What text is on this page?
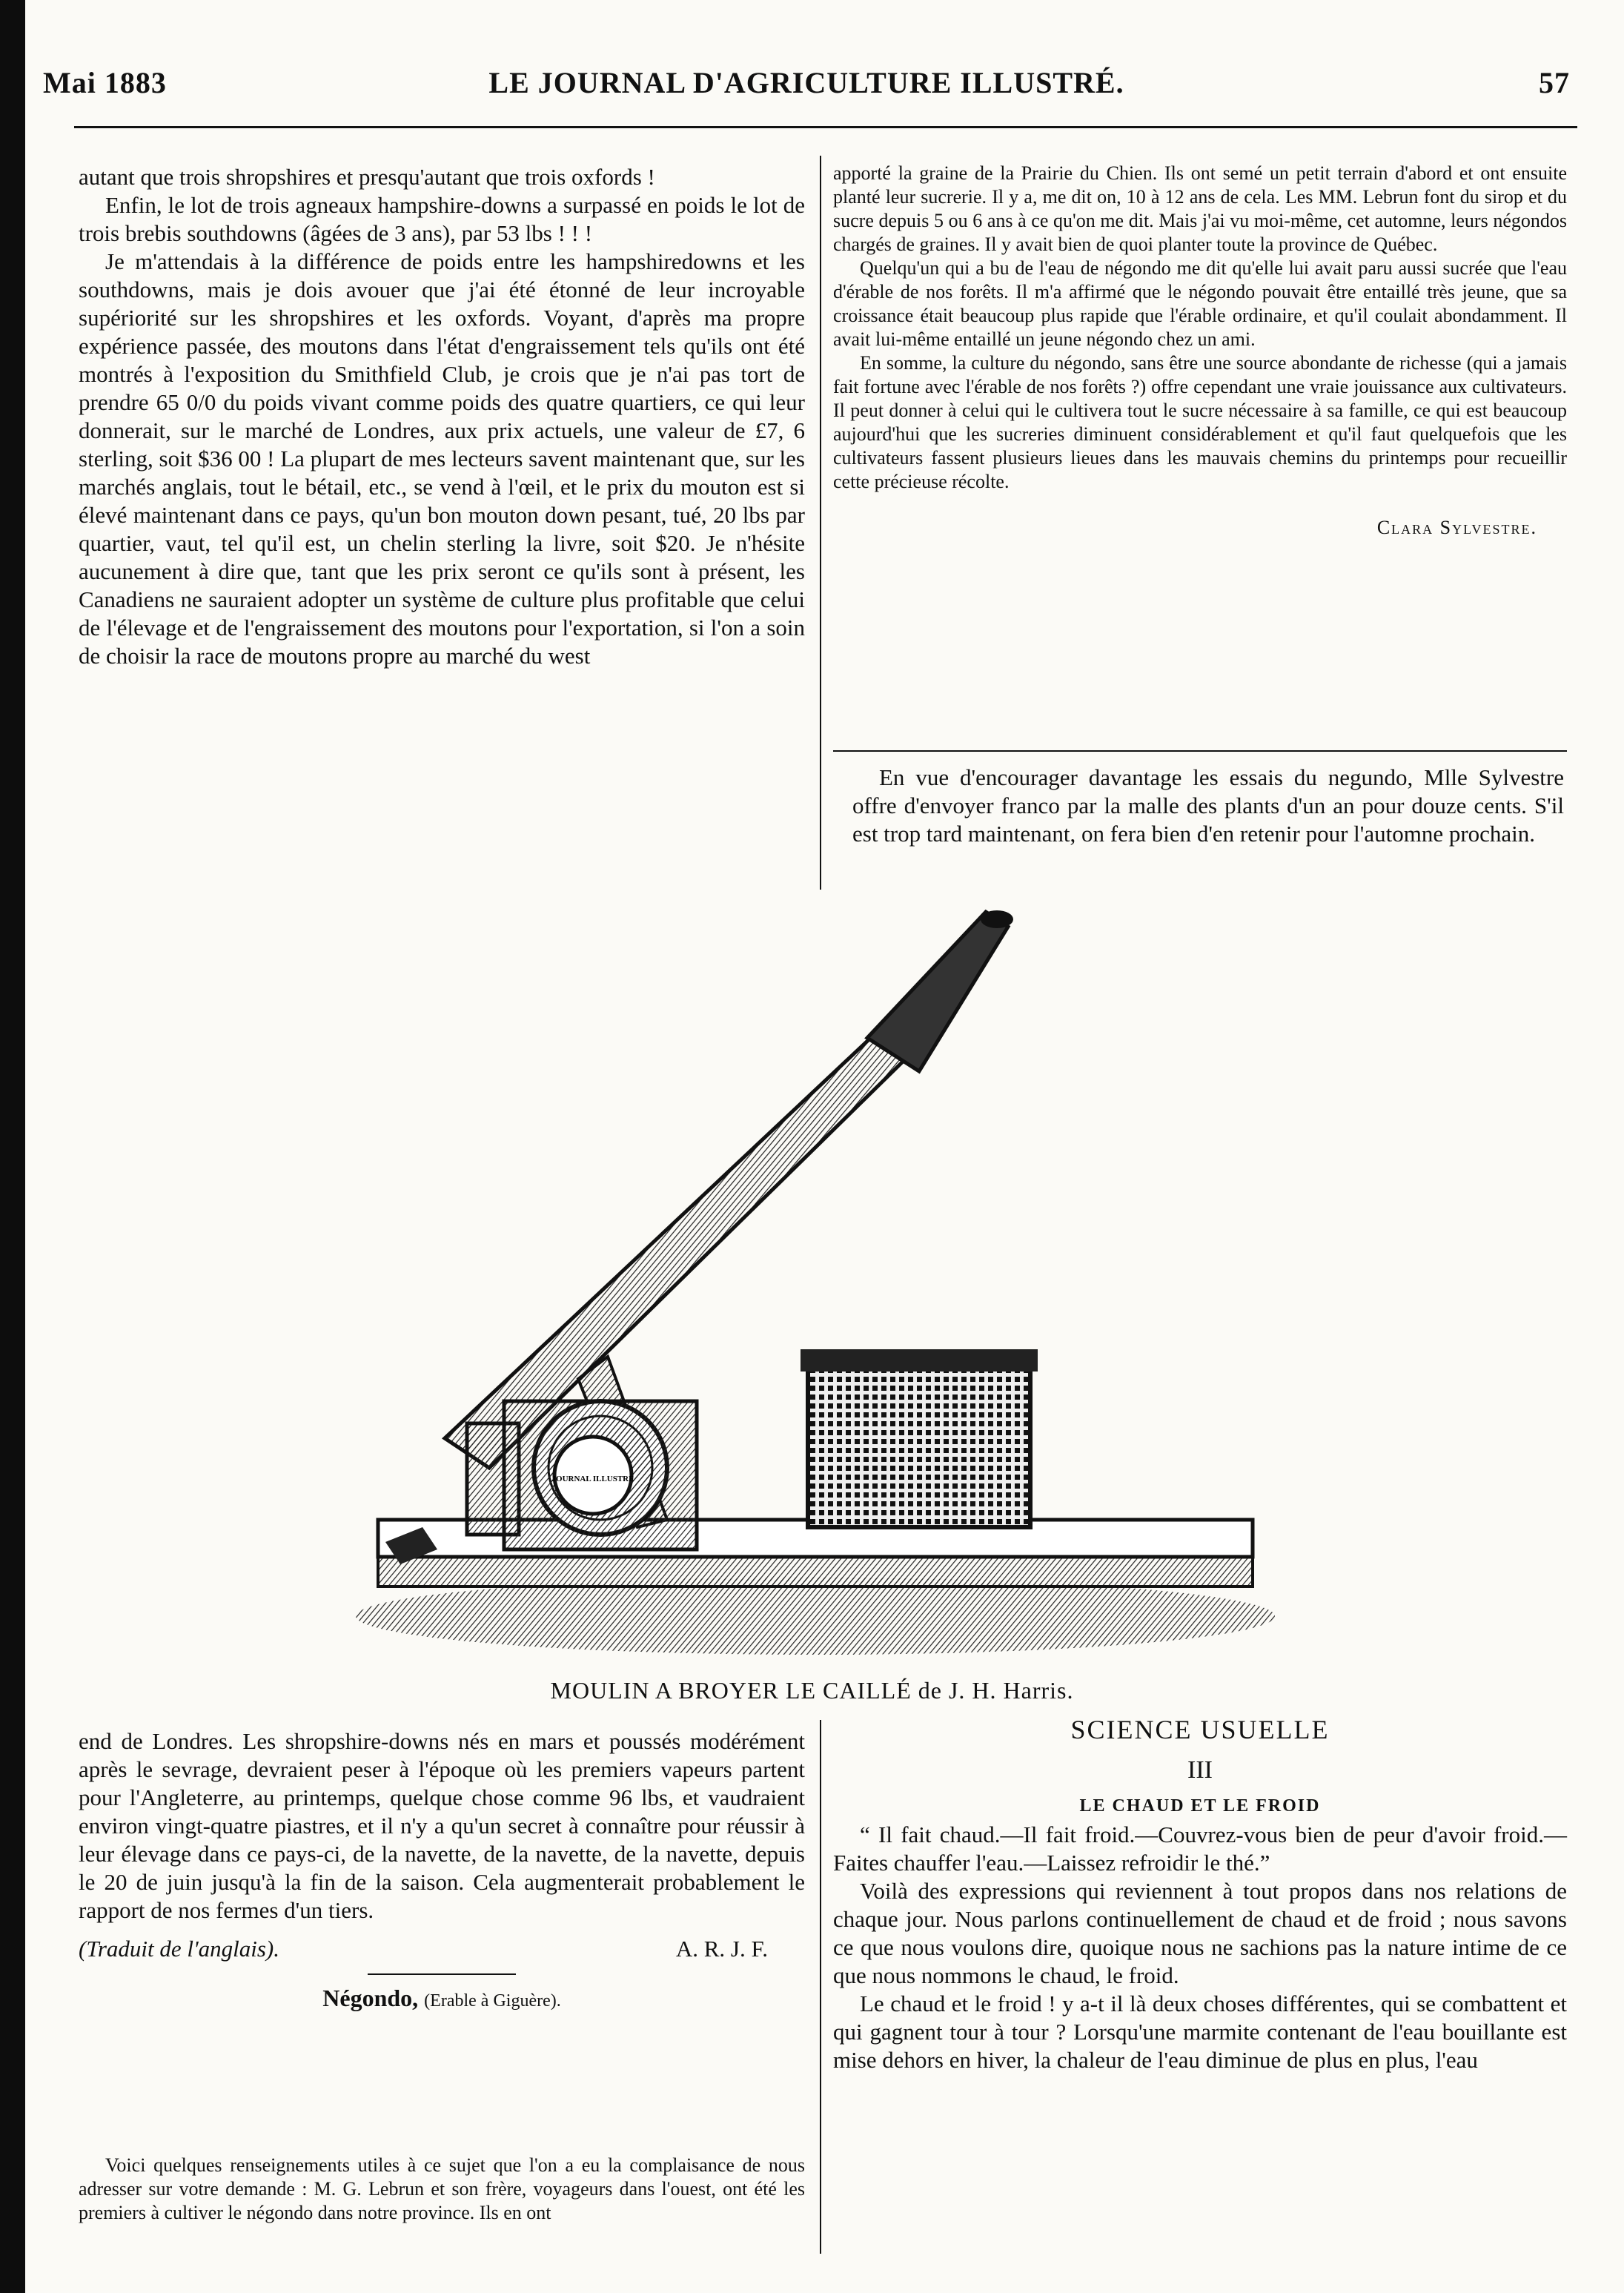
Mai 1883	LE JOURNAL D'AGRICULTURE ILLUSTRÉ.	57

autant que trois shropshires et presqu'autant que trois oxfords !

Enfin, le lot de trois agneaux hampshire-downs a surpassé en poids le lot de trois brebis southdowns (âgées de 3 ans), par 53 lbs ! ! !

Je m'attendais à la différence de poids entre les hampshiredowns et les southdowns, mais je dois avouer que j'ai été étonné de leur incroyable supériorité sur les shropshires et les oxfords. Voyant, d'après ma propre expérience passée, des moutons dans l'état d'engraissement tels qu'ils ont été montrés à l'exposition du Smithfield Club, je crois que je n'ai pas tort de prendre 65 0/0 du poids vivant comme poids des quatre quartiers, ce qui leur donnerait, sur le marché de Londres, aux prix actuels, une valeur de £7, 6 sterling, soit $36 00 ! La plupart de mes lecteurs savent maintenant que, sur les marchés anglais, tout le bétail, etc., se vend à l'œil, et le prix du mouton est si élevé maintenant dans ce pays, qu'un bon mouton down pesant, tué, 20 lbs par quartier, vaut, tel qu'il est, un chelin sterling la livre, soit $20. Je n'hésite aucunement à dire que, tant que les prix seront ce qu'ils sont à présent, les Canadiens ne sauraient adopter un système de culture plus profitable que celui de l'élevage et de l'engraissement des moutons pour l'exportation, si l'on a soin de choisir la race de moutons propre au marché du west

apporté la graine de la Prairie du Chien. Ils ont semé un petit terrain d'abord et ont ensuite planté leur sucrerie. Il y a, me dit on, 10 à 12 ans de cela. Les MM. Lebrun font du sirop et du sucre depuis 5 ou 6 ans à ce qu'on me dit. Mais j'ai vu moi-même, cet automne, leurs négondos chargés de graines. Il y avait bien de quoi planter toute la province de Québec.

Quelqu'un qui a bu de l'eau de négondo me dit qu'elle lui avait paru aussi sucrée que l'eau d'érable de nos forêts. Il m'a affirmé que le négondo pouvait être entaillé très jeune, que sa croissance était beaucoup plus rapide que l'érable ordinaire, et qu'il coulait abondamment. Il avait lui-même entaillé un jeune négondo chez un ami.

En somme, la culture du négondo, sans être une source abondante de richesse (qui a jamais fait fortune avec l'érable de nos forêts ?) offre cependant une vraie jouissance aux cultivateurs. Il peut donner à celui qui le cultivera tout le sucre nécessaire à sa famille, ce qui est beaucoup aujourd'hui que les sucreries diminuent considérablement et qu'il faut quelquefois que les cultivateurs fassent plusieurs lieues dans les mauvais chemins du printemps pour recueillir cette précieuse récolte.

Clara Sylvestre.

En vue d'encourager davantage les essais du negundo, Mlle Sylvestre offre d'envoyer franco par la malle des plants d'un an pour douze cents. S'il est trop tard maintenant, on fera bien d'en retenir pour l'automne prochain.

JOURNAL ILLUSTRÉ
MOULIN A BROYER LE CAILLÉ de J. H. Harris.

end de Londres. Les shropshire-downs nés en mars et poussés modérément après le sevrage, devraient peser à l'époque où les premiers vapeurs partent pour l'Angleterre, au printemps, quelque chose comme 96 lbs, et vaudraient environ vingt-quatre piastres, et il n'y a qu'un secret à connaître pour réussir à leur élevage dans ce pays-ci, de la navette, de la navette, de la navette, depuis le 20 de juin jusqu'à la fin de la saison. Cela augmenterait probablement le rapport de nos fermes d'un tiers.

(Traduit de l'anglais).	A. R. J. F.
Négondo, (Erable à Giguère).

Voici quelques renseignements utiles à ce sujet que l'on a eu la complaisance de nous adresser sur votre demande : M. G. Lebrun et son frère, voyageurs dans l'ouest, ont été les premiers à cultiver le négondo dans notre province. Ils en ont

SCIENCE USUELLE
III
LE CHAUD ET LE FROID

“ Il fait chaud.—Il fait froid.—Couvrez-vous bien de peur d'avoir froid.—Faites chauffer l'eau.—Laissez refroidir le thé.”

Voilà des expressions qui reviennent à tout propos dans nos relations de chaque jour. Nous parlons continuellement de chaud et de froid ; nous savons ce que nous voulons dire, quoique nous ne sachions pas la nature intime de ce que nous nommons le chaud, le froid.

Le chaud et le froid ! y a-t il là deux choses différentes, qui se combattent et qui gagnent tour à tour ? Lorsqu'une marmite contenant de l'eau bouillante est mise dehors en hiver, la chaleur de l'eau diminue de plus en plus, l'eau
